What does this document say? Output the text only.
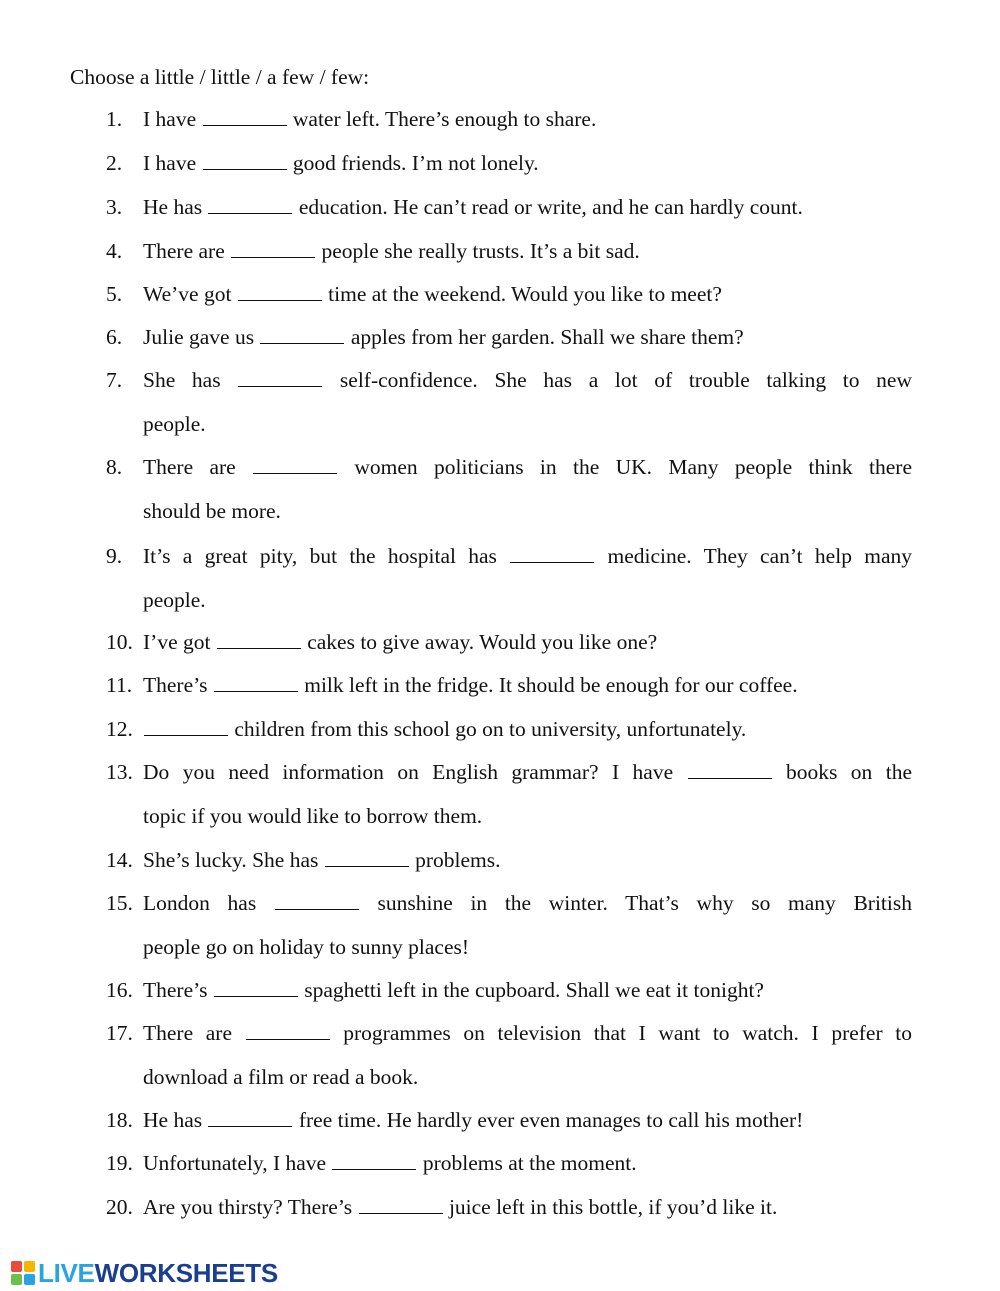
Choose a little / little / a few / few:
1. I have	water left. There’s enough to share.
2. I have	good friends. I’m not lonely.
3. He has	education. He can’t read or write, and he can hardly count.
4. There are	people she really trusts. It’s a bit sad.
5. We’ve got	time at the weekend. Would you like to meet?
6. Julie gave us	apples from her garden. Shall we share them?
7. She has	self-confidence. She has a lot of trouble talking to new
people.
8. There are	women politicians in the UK. Many people think there
should be more.
9. It’s a great pity, but the hospital has	medicine. They can’t help many
people.
10. I’ve got	cakes to give away. Would you like one?
11. There’s	milk left in the fridge. It should be enough for our coffee.
12.	children from this school go on to university, unfortunately.
13. Do you need information on English grammar? I have	books on the
topic if you would like to borrow them.
14. She’s lucky. She has	problems.
15. London has	sunshine in the winter. That’s why so many British
people go on holiday to sunny places!
16. There’s	spaghetti left in the cupboard. Shall we eat it tonight?
17. There are	programmes on television that I want to watch. I prefer to
download a film or read a book.
18. He has	free time. He hardly ever even manages to call his mother!
19. Unfortunately, I have	problems at the moment.
20. Are you thirsty? There’s	juice left in this bottle, if you’d like it.
LIVEWORKSHEETS
